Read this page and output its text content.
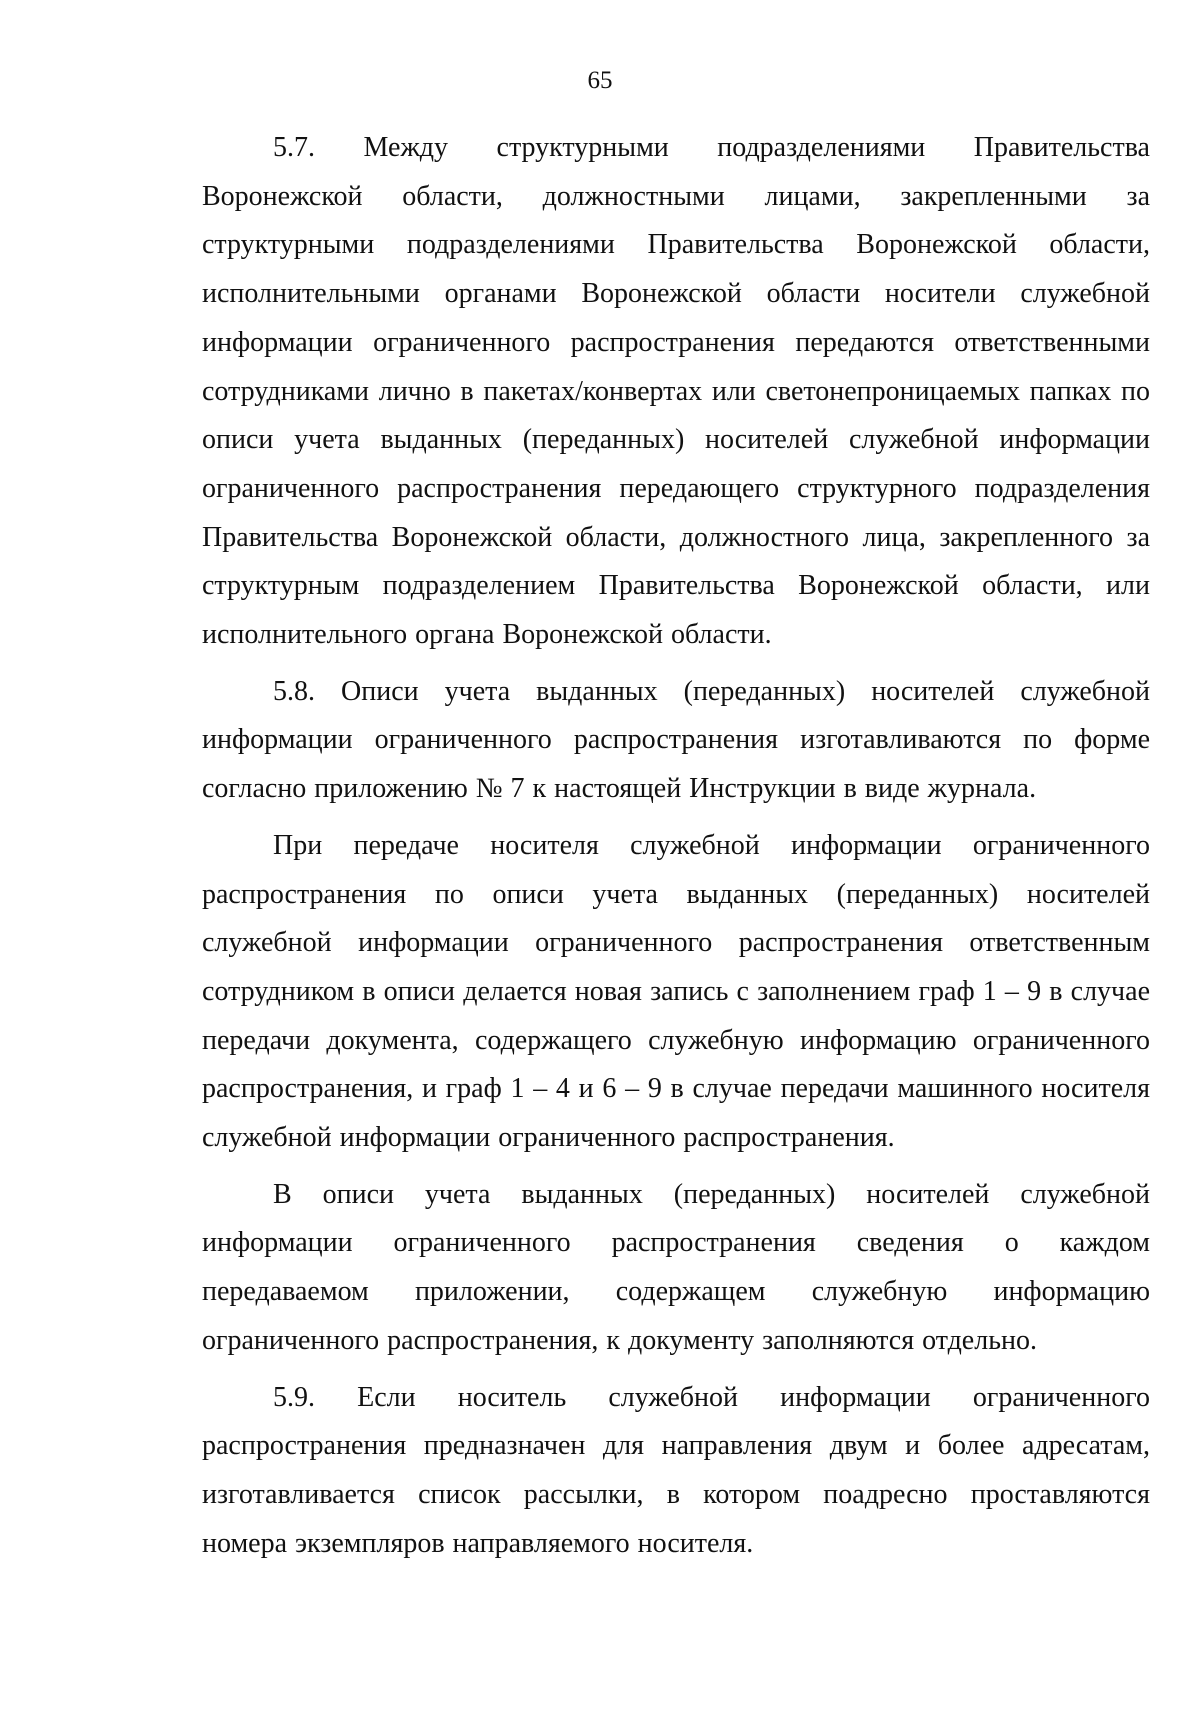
65

5.7. Между структурными подразделениями Правительства Воронежской области, должностными лицами, закрепленными за структурными подразделениями Правительства Воронежской области, исполнительными органами Воронежской области носители служебной информации ограниченного распространения передаются ответственными сотрудниками лично в пакетах/конвертах или светонепроницаемых папках по описи учета выданных (переданных) носителей служебной информации ограниченного распространения передающего структурного подразделения Правительства Воронежской области, должностного лица, закрепленного за структурным подразделением Правительства Воронежской области, или исполнительного органа Воронежской области.

5.8. Описи учета выданных (переданных) носителей служебной информации ограниченного распространения изготавливаются по форме согласно приложению № 7 к настоящей Инструкции в виде журнала.

При передаче носителя служебной информации ограниченного распространения по описи учета выданных (переданных) носителей служебной информации ограниченного распространения ответственным сотрудником в описи делается новая запись с заполнением граф 1 – 9 в случае передачи документа, содержащего служебную информацию ограниченного распространения, и граф 1 – 4 и 6 – 9 в случае передачи машинного носителя служебной информации ограниченного распространения.

В описи учета выданных (переданных) носителей служебной информации ограниченного распространения сведения о каждом передаваемом приложении, содержащем служебную информацию ограниченного распространения, к документу заполняются отдельно.

5.9. Если носитель служебной информации ограниченного распространения предназначен для направления двум и более адресатам, изготавливается список рассылки, в котором поадресно проставляются номера экземпляров направляемого носителя.
